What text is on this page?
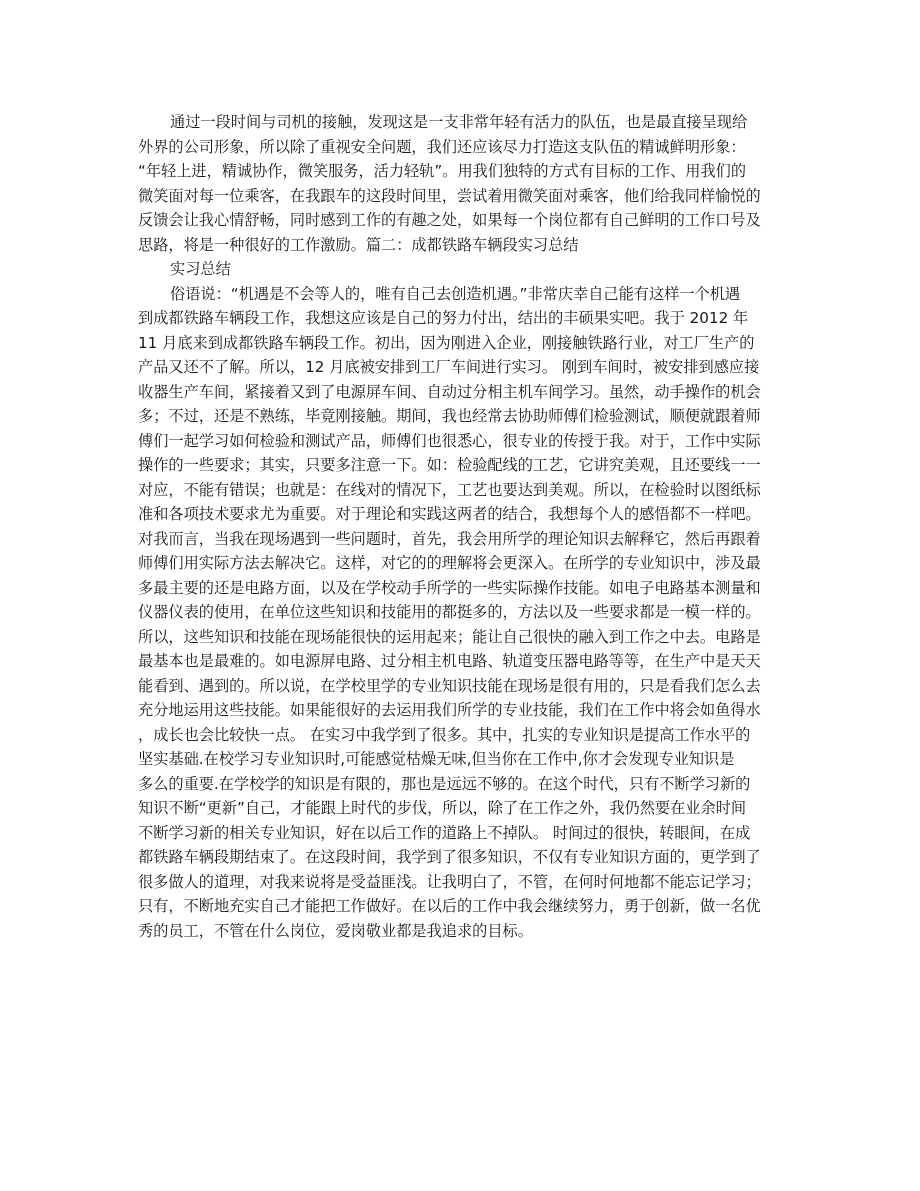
通过一段时间与司机的接触，发现这是一支非常年轻有活力的队伍，也是最直接呈现给
外界的公司形象，所以除了重视安全问题，我们还应该尽力打造这支队伍的精诚鲜明形象：
“年轻上进，精诚协作，微笑服务，活力轻轨”。用我们独特的方式有目标的工作、用我们的
微笑面对每一位乘客，在我跟车的这段时间里，尝试着用微笑面对乘客，他们给我同样愉悦的
反馈会让我心情舒畅，同时感到工作的有趣之处，如果每一个岗位都有自己鲜明的工作口号及
思路，将是一种很好的工作激励。篇二：成都铁路车辆段实习总结
实习总结
俗语说：“机遇是不会等人的，唯有自己去创造机遇。”非常庆幸自己能有这样一个机遇
到成都铁路车辆段工作，我想这应该是自己的努力付出，结出的丰硕果实吧。我于 2012 年
11 月底来到成都铁路车辆段工作。初出，因为刚进入企业，刚接触铁路行业，对工厂生产的
产品又还不了解。所以，12 月底被安排到工厂车间进行实习。 刚到车间时，被安排到感应接
收器生产车间，紧接着又到了电源屏车间、自动过分相主机车间学习。虽然，动手操作的机会
多；不过，还是不熟练，毕竟刚接触。期间，我也经常去协助师傅们检验测试，顺便就跟着师
傅们一起学习如何检验和测试产品，师傅们也很悉心，很专业的传授于我。对于，工作中实际
操作的一些要求；其实，只要多注意一下。如：检验配线的工艺，它讲究美观，且还要线一一
对应，不能有错误；也就是：在线对的情况下，工艺也要达到美观。所以，在检验时以图纸标
准和各项技术要求尤为重要。对于理论和实践这两者的结合，我想每个人的感悟都不一样吧。
对我而言，当我在现场遇到一些问题时，首先，我会用所学的理论知识去解释它，然后再跟着
师傅们用实际方法去解决它。这样，对它的的理解将会更深入。在所学的专业知识中，涉及最
多最主要的还是电路方面，以及在学校动手所学的一些实际操作技能。如电子电路基本测量和
仪器仪表的使用，在单位这些知识和技能用的都挺多的，方法以及一些要求都是一模一样的。
所以，这些知识和技能在现场能很快的运用起来；能让自己很快的融入到工作之中去。电路是
最基本也是最难的。如电源屏电路、过分相主机电路、轨道变压器电路等等，在生产中是天天
能看到、遇到的。所以说，在学校里学的专业知识技能在现场是很有用的，只是看我们怎么去
充分地运用这些技能。如果能很好的去运用我们所学的专业技能，我们在工作中将会如鱼得水
，成长也会比较快一点。 在实习中我学到了很多。其中，扎实的专业知识是提高工作水平的
坚实基础.在校学习专业知识时,可能感觉枯燥无味,但当你在工作中,你才会发现专业知识是
多么的重要.在学校学的知识是有限的，那也是远远不够的。在这个时代，只有不断学习新的
知识不断“更新”自己，才能跟上时代的步伐，所以，除了在工作之外，我仍然要在业余时间
不断学习新的相关专业知识，好在以后工作的道路上不掉队。 时间过的很快，转眼间，在成
都铁路车辆段期结束了。在这段时间，我学到了很多知识，不仅有专业知识方面的，更学到了
很多做人的道理，对我来说将是受益匪浅。让我明白了，不管，在何时何地都不能忘记学习；
只有，不断地充实自己才能把工作做好。在以后的工作中我会继续努力，勇于创新，做一名优
秀的员工，不管在什么岗位，爱岗敬业都是我追求的目标。
